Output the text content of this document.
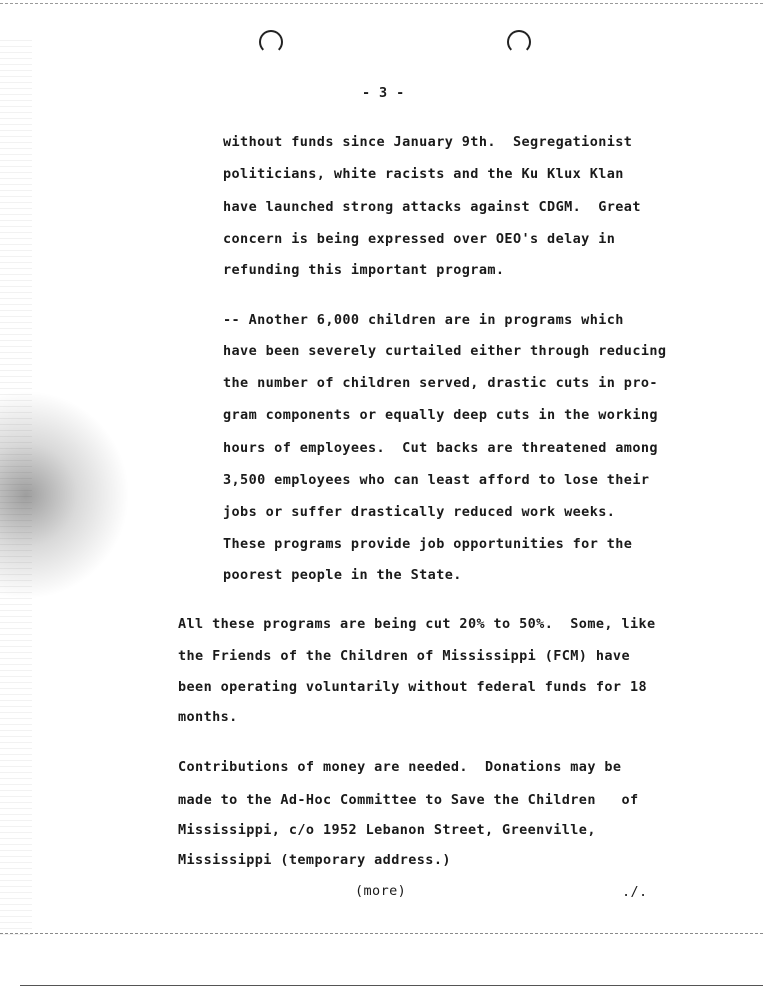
- 3 -
without funds since January 9th.  Segregationist
politicians, white racists and the Ku Klux Klan
have launched strong attacks against CDGM.  Great
concern is being expressed over OEO's delay in
refunding this important program.
-- Another 6,000 children are in programs which
have been severely curtailed either through reducing
the number of children served, drastic cuts in pro-
gram components or equally deep cuts in the working
hours of employees.  Cut backs are threatened among
3,500 employees who can least afford to lose their
jobs or suffer drastically reduced work weeks.
These programs provide job opportunities for the
poorest people in the State.
All these programs are being cut 20% to 50%.  Some, like
the Friends of the Children of Mississippi (FCM) have
been operating voluntarily without federal funds for 18
months.
Contributions of money are needed.  Donations may be
made to the Ad-Hoc Committee to Save the Children   of
Mississippi, c/o 1952 Lebanon Street, Greenville,
Mississippi (temporary address.)
(more)	./.
